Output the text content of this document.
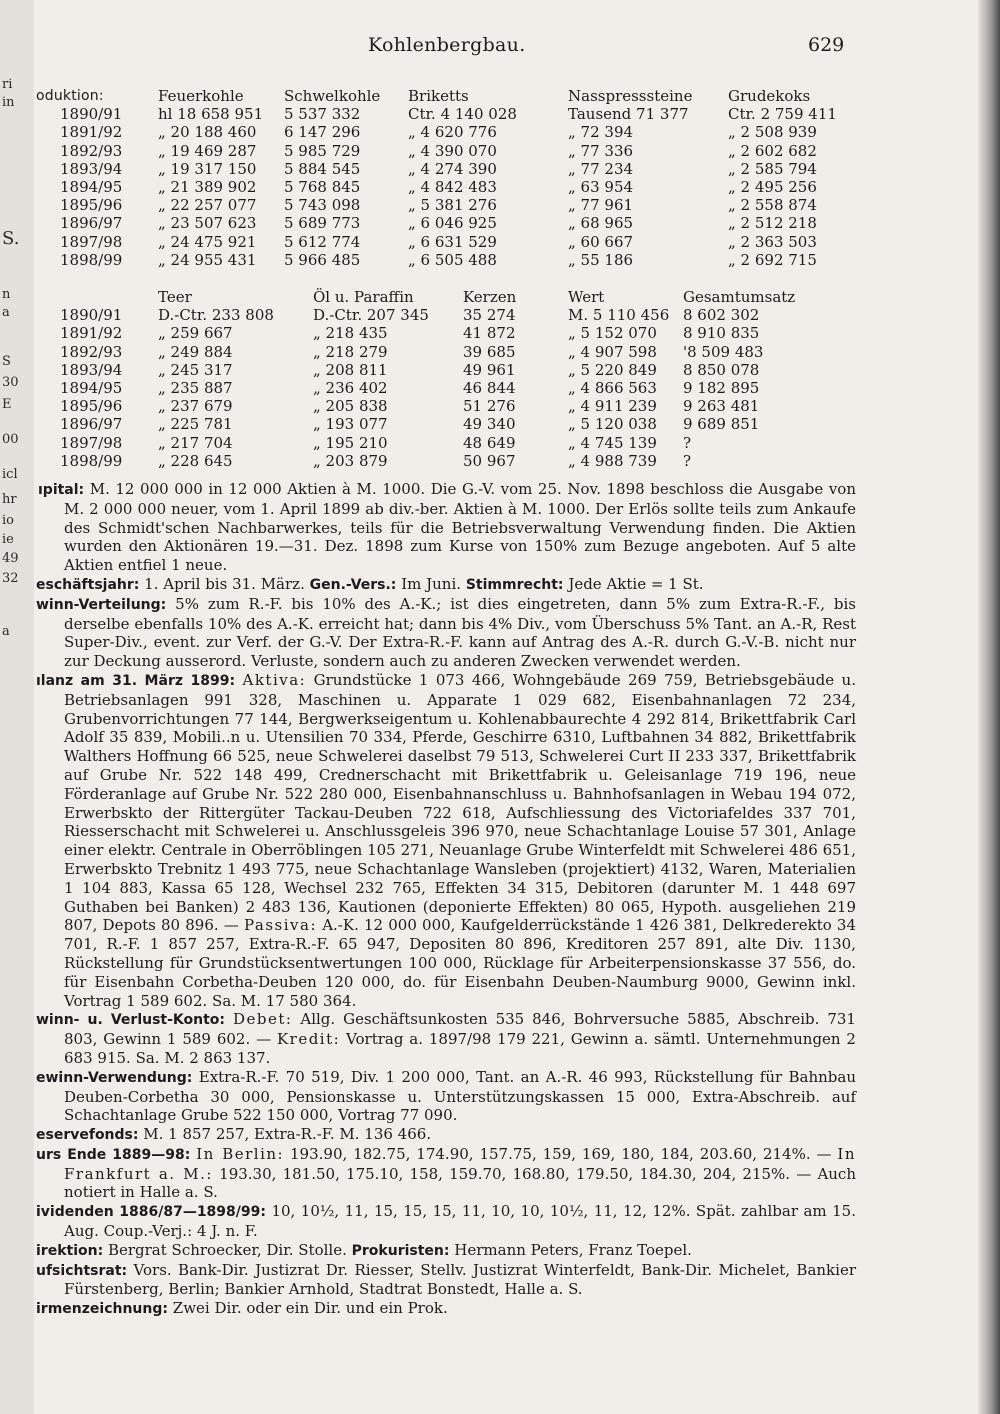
ri
in
S.
n
a
S
30
E
00
icl
hr
io
ie
49
32
a
Kohlenbergbau.	629
oduktion:	Feuerkohle	Schwelkohle	Briketts	Nasspresssteine	Grudekoks
1890/91	hl 18 658 951	5 537 332	Ctr. 4 140 028	Tausend 71 377	Ctr. 2 759 411
1891/92	„ 20 188 460	6 147 296	„ 4 620 776	„ 72 394	„ 2 508 939
1892/93	„ 19 469 287	5 985 729	„ 4 390 070	„ 77 336	„ 2 602 682
1893/94	„ 19 317 150	5 884 545	„ 4 274 390	„ 77 234	„ 2 585 794
1894/95	„ 21 389 902	5 768 845	„ 4 842 483	„ 63 954	„ 2 495 256
1895/96	„ 22 257 077	5 743 098	„ 5 381 276	„ 77 961	„ 2 558 874
1896/97	„ 23 507 623	5 689 773	„ 6 046 925	„ 68 965	„ 2 512 218
1897/98	„ 24 475 921	5 612 774	„ 6 631 529	„ 60 667	„ 2 363 503
1898/99	„ 24 955 431	5 966 485	„ 6 505 488	„ 55 186	„ 2 692 715
	Teer	Öl u. Paraffin	Kerzen	Wert	Gesamtumsatz
1890/91	D.-Ctr. 233 808	D.-Ctr. 207 345	35 274	M. 5 110 456	8 602 302
1891/92	„ 259 667	„ 218 435	41 872	„ 5 152 070	8 910 835
1892/93	„ 249 884	„ 218 279	39 685	„ 4 907 598	'8 509 483
1893/94	„ 245 317	„ 208 811	49 961	„ 5 220 849	8 850 078
1894/95	„ 235 887	„ 236 402	46 844	„ 4 866 563	9 182 895
1895/96	„ 237 679	„ 205 838	51 276	„ 4 911 239	9 263 481
1896/97	„ 225 781	„ 193 077	49 340	„ 5 120 038	9 689 851
1897/98	„ 217 704	„ 195 210	48 649	„ 4 745 139	?
1898/99	„ 228 645	„ 203 879	50 967	„ 4 988 739	?

ıpital: M. 12 000 000 in 12 000 Aktien à M. 1000. Die G.-V. vom 25. Nov. 1898 beschloss die Ausgabe von M. 2 000 000 neuer, vom 1. April 1899 ab div.-ber. Aktien à M. 1000. Der Erlös sollte teils zum Ankaufe des Schmidt'schen Nachbarwerkes, teils für die Betriebsverwaltung Verwendung finden. Die Aktien wurden den Aktionären 19.—31. Dez. 1898 zum Kurse von 150% zum Bezuge angeboten. Auf 5 alte Aktien entfiel 1 neue.

eschäftsjahr: 1. April bis 31. März. Gen.-Vers.: Im Juni. Stimmrecht: Jede Aktie = 1 St.

winn-Verteilung: 5% zum R.-F. bis 10% des A.-K.; ist dies eingetreten, dann 5% zum Extra-R.-F., bis derselbe ebenfalls 10% des A.-K. erreicht hat; dann bis 4% Div., vom Überschuss 5% Tant. an A.-R, Rest Super-Div., event. zur Verf. der G.-V. Der Extra-R.-F. kann auf Antrag des A.-R. durch G.-V.-B. nicht nur zur Deckung ausserord. Verluste, sondern auch zu anderen Zwecken verwendet werden.

ılanz am 31. März 1899: Aktiva: Grundstücke 1 073 466, Wohngebäude 269 759, Betriebsgebäude u. Betriebsanlagen 991 328, Maschinen u. Apparate 1 029 682, Eisenbahnanlagen 72 234, Grubenvorrichtungen 77 144, Bergwerkseigentum u. Kohlenabbaurechte 4 292 814, Brikettfabrik Carl Adolf 35 839, Mobili..n u. Utensilien 70 334, Pferde, Geschirre 6310, Luftbahnen 34 882, Brikettfabrik Walthers Hoffnung 66 525, neue Schwelerei daselbst 79 513, Schwelerei Curt II 233 337, Brikettfabrik auf Grube Nr. 522 148 499, Crednerschacht mit Brikettfabrik u. Geleisanlage 719 196, neue Förderanlage auf Grube Nr. 522 280 000, Eisenbahnanschluss u. Bahnhofsanlagen in Webau 194 072, Erwerbskto der Rittergüter Tackau-Deuben 722 618, Aufschliessung des Victoriafeldes 337 701, Riesserschacht mit Schwelerei u. Anschlussgeleis 396 970, neue Schachtanlage Louise 57 301, Anlage einer elektr. Centrale in Oberröblingen 105 271, Neuanlage Grube Winterfeldt mit Schwelerei 486 651, Erwerbskto Trebnitz 1 493 775, neue Schachtanlage Wansleben (projektiert) 4132, Waren, Materialien 1 104 883, Kassa 65 128, Wechsel 232 765, Effekten 34 315, Debitoren (darunter M. 1 448 697 Guthaben bei Banken) 2 483 136, Kautionen (deponierte Effekten) 80 065, Hypoth. ausgeliehen 219 807, Depots 80 896. — Passiva: A.-K. 12 000 000, Kaufgelderrückstände 1 426 381, Delkrederekto 34 701, R.-F. 1 857 257, Extra-R.-F. 65 947, Depositen 80 896, Kreditoren 257 891, alte Div. 1130, Rückstellung für Grundstücksentwertungen 100 000, Rücklage für Arbeiterpensionskasse 37 556, do. für Eisenbahn Corbetha-Deuben 120 000, do. für Eisenbahn Deuben-Naumburg 9000, Gewinn inkl. Vortrag 1 589 602. Sa. M. 17 580 364.

winn- u. Verlust-Konto: Debet: Allg. Geschäftsunkosten 535 846, Bohrversuche 5885, Abschreib. 731 803, Gewinn 1 589 602. — Kredit: Vortrag a. 1897/98 179 221, Gewinn a. sämtl. Unternehmungen 2 683 915. Sa. M. 2 863 137.

ewinn-Verwendung: Extra-R.-F. 70 519, Div. 1 200 000, Tant. an A.-R. 46 993, Rückstellung für Bahnbau Deuben-Corbetha 30 000, Pensionskasse u. Unterstützungskassen 15 000, Extra-Abschreib. auf Schachtanlage Grube 522 150 000, Vortrag 77 090.

eservefonds: M. 1 857 257, Extra-R.-F. M. 136 466.

urs Ende 1889—98: In Berlin: 193.90, 182.75, 174.90, 157.75, 159, 169, 180, 184, 203.60, 214%. — In Frankfurt a. M.: 193.30, 181.50, 175.10, 158, 159.70, 168.80, 179.50, 184.30, 204, 215%. — Auch notiert in Halle a. S.

ividenden 1886/87—1898/99: 10, 10½, 11, 15, 15, 15, 11, 10, 10, 10½, 11, 12, 12%. Spät. zahlbar am 15. Aug. Coup.-Verj.: 4 J. n. F.

irektion: Bergrat Schroecker, Dir. Stolle. Prokuristen: Hermann Peters, Franz Toepel.

ufsichtsrat: Vors. Bank-Dir. Justizrat Dr. Riesser, Stellv. Justizrat Winterfeldt, Bank-Dir. Michelet, Bankier Fürstenberg, Berlin; Bankier Arnhold, Stadtrat Bonstedt, Halle a. S.

irmenzeichnung: Zwei Dir. oder ein Dir. und ein Prok.
